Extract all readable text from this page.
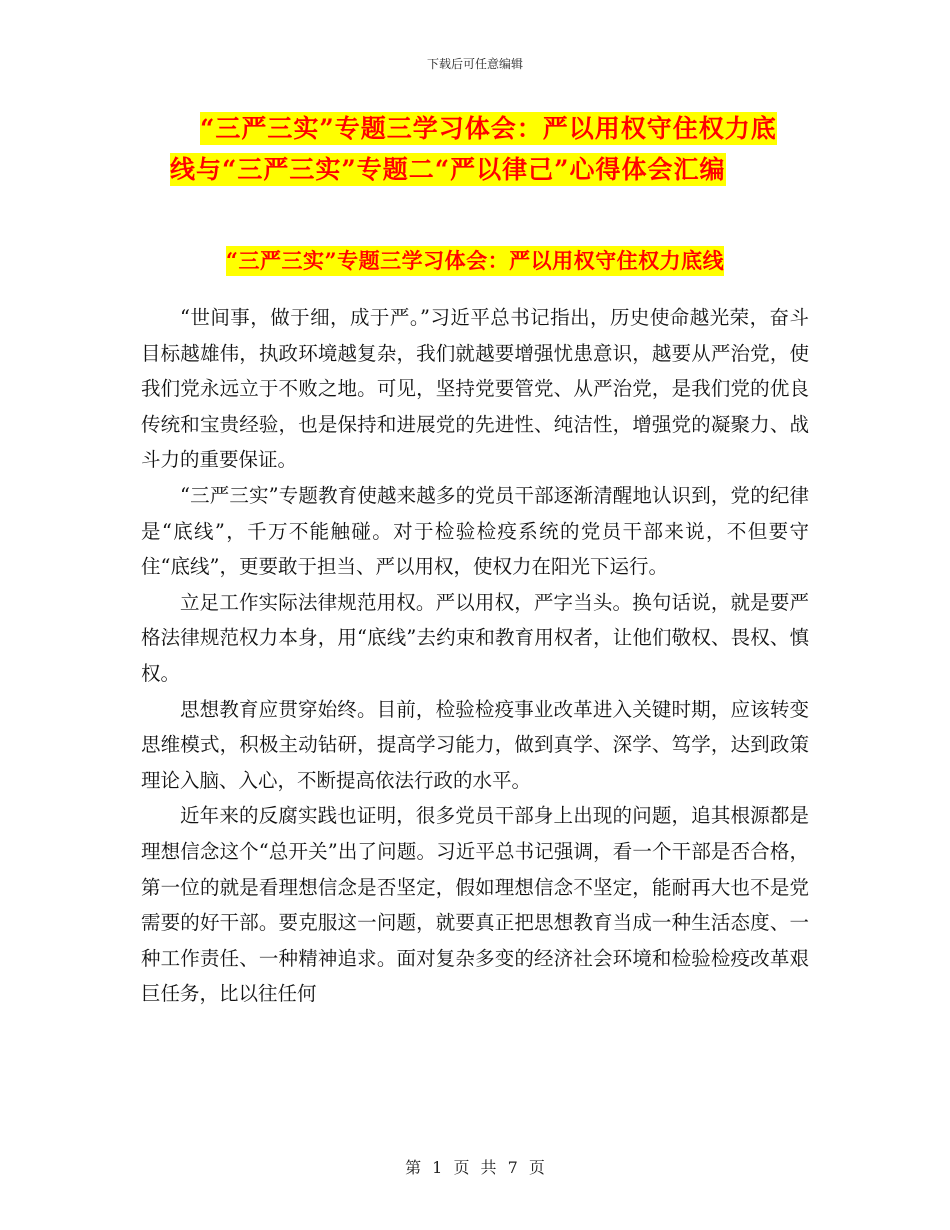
下载后可任意编辑
“三严三实”专题三学习体会：严以用权守住权力底
线与“三严三实”专题二“严以律己”心得体会汇编
“三严三实”专题三学习体会：严以用权守住权力底线

“世间事，做于细，成于严。”习近平总书记指出，历史使命越光荣，奋斗目标越雄伟，执政环境越复杂，我们就越要增强忧患意识，越要从严治党，使我们党永远立于不败之地。可见，坚持党要管党、从严治党，是我们党的优良传统和宝贵经验，也是保持和进展党的先进性、纯洁性，增强党的凝聚力、战斗力的重要保证。

“三严三实”专题教育使越来越多的党员干部逐渐清醒地认识到，党的纪律是“底线”，千万不能触碰。对于检验检疫系统的党员干部来说，不但要守住“底线”，更要敢于担当、严以用权，使权力在阳光下运行。

立足工作实际法律规范用权。严以用权，严字当头。换句话说，就是要严格法律规范权力本身，用“底线”去约束和教育用权者，让他们敬权、畏权、慎权。

思想教育应贯穿始终。目前，检验检疫事业改革进入关键时期，应该转变思维模式，积极主动钻研，提高学习能力，做到真学、深学、笃学，达到政策理论入脑、入心，不断提高依法行政的水平。

近年来的反腐实践也证明，很多党员干部身上出现的问题，追其根源都是理想信念这个“总开关”出了问题。习近平总书记强调，看一个干部是否合格，第一位的就是看理想信念是否坚定，假如理想信念不坚定，能耐再大也不是党需要的好干部。要克服这一问题，就要真正把思想教育当成一种生活态度、一种工作责任、一种精神追求。面对复杂多变的经济社会环境和检验检疫改革艰巨任务，比以往任何

第 1 页 共 7 页
